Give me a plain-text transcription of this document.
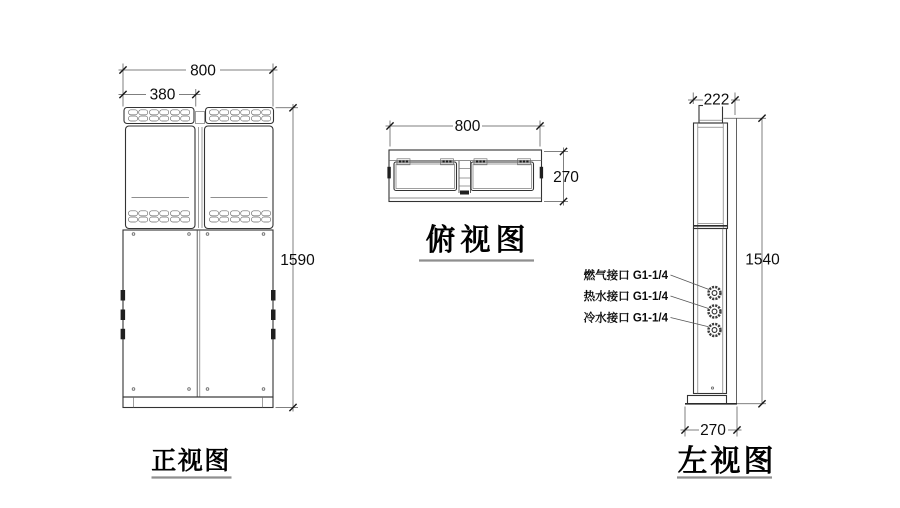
800
380
1590
正视图
800
270
俯视图
222
1540
270
燃气接口 G1-1/4
热水接口 G1-1/4
冷水接口 G1-1/4
左视图
